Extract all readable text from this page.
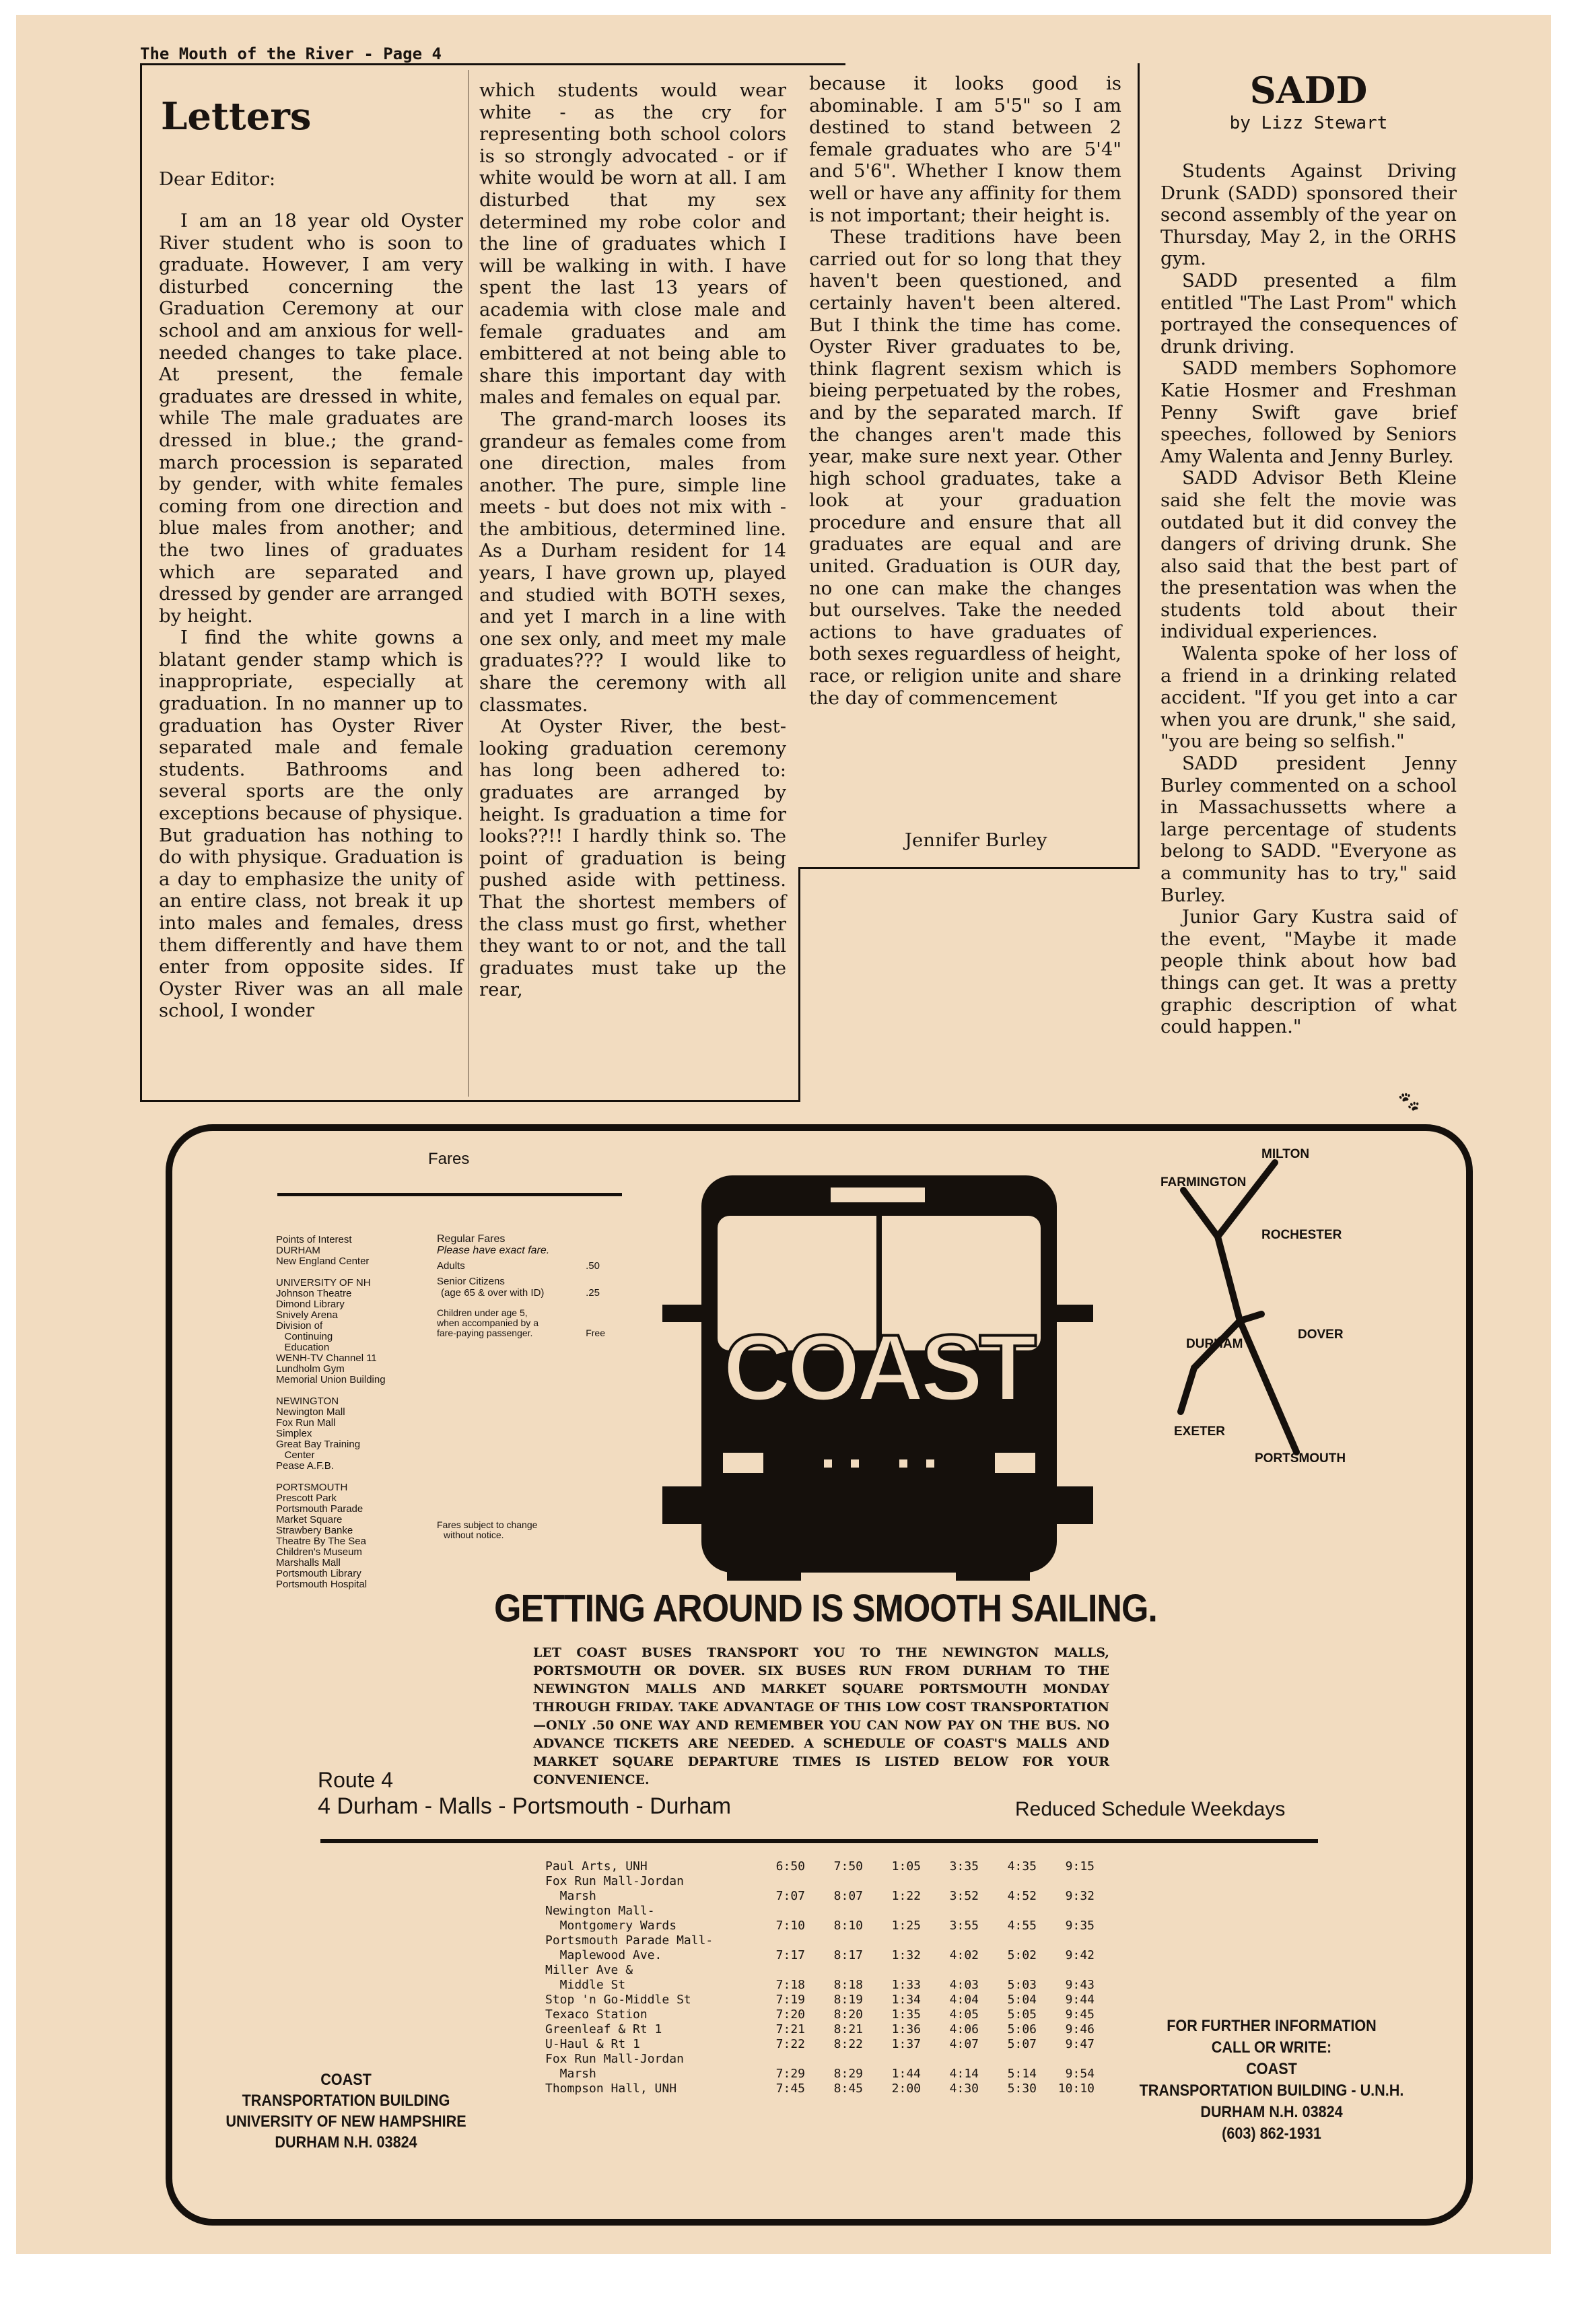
The Mouth of the River - Page 4
Letters
Dear Editor:

I am an 18 year old Oyster River student who is soon to graduate. However, I am very disturbed concerning the Graduation Ceremony at our school and am anxious for well-needed changes to take place. At present, the female graduates are dressed in white, while The male graduates are dressed in blue.; the grand-march procession is separated by gender, with white females coming from one direction and blue males from another; and the two lines of graduates which are separated and dressed by gender are arranged by height.

I find the white gowns a blatant gender stamp which is inappropriate, especially at graduation. In no manner up to graduation has Oyster River separated male and female students. Bathrooms and several sports are the only exceptions because of physique. But graduation has nothing to do with physique. Graduation is a day to emphasize the unity of an entire class, not break it up into males and females, dress them differently and have them enter from opposite sides. If Oyster River was an all male school, I wonder

which students would wear white - as the cry for representing both school colors is so strongly advocated - or if white would be worn at all. I am disturbed that my sex determined my robe color and the line of graduates which I will be walking in with. I have spent the last 13 years of academia with close male and female graduates and am embittered at not being able to share this important day with males and females on equal par.

The grand-march looses its grandeur as females come from one direction, males from another. The pure, simple line meets - but does not mix with - the ambitious, determined line. As a Durham resident for 14 years, I have grown up, played and studied with BOTH sexes, and yet I march in a line with one sex only, and meet my male graduates??? I would like to share the ceremony with all classmates.

At Oyster River, the best-looking graduation ceremony has long been adhered to: graduates are arranged by height. Is graduation a time for looks??!! I hardly think so. The point of graduation is being pushed aside with pettiness. That the shortest members of the class must go first, whether they want to or not, and the tall graduates must take up the rear,

because it looks good is abominable. I am 5'5" so I am destined to stand between 2 female graduates who are 5'4" and 5'6". Whether I know them well or have any affinity for them is not important; their height is.

These traditions have been carried out for so long that they haven't been questioned, and certainly haven't been altered. But I think the time has come. Oyster River graduates to be, think flagrent sexism which is bieing perpetuated by the robes, and by the separated march. If the changes aren't made this year, make sure next year. Other high school graduates, take a look at your graduation procedure and ensure that all graduates are equal and are united. Graduation is OUR day, no one can make the changes but ourselves. Take the needed actions to have graduates of both sexes reguardless of height, race, or religion unite and share the day of commencement

Jennifer Burley
SADD
by Lizz Stewart

Students Against Driving Drunk (SADD) sponsored their second assembly of the year on Thursday, May 2, in the ORHS gym.

SADD presented a film entitled "The Last Prom" which portrayed the consequences of drunk driving.

SADD members Sophomore Katie Hosmer and Freshman Penny Swift gave brief speeches, followed by Seniors Amy Walenta and Jenny Burley.

SADD Advisor Beth Kleine said she felt the movie was outdated but it did convey the dangers of driving drunk. She also said that the best part of the presentation was when the students told about their individual experiences.

Walenta spoke of her loss of a friend in a drinking related accident. "If you get into a car when you are drunk," she said, "you are being so selfish."

SADD president Jenny Burley commented on a school in Massachussetts where a large percentage of students belong to SADD. "Everyone as a community has to try," said Burley.

Junior Gary Kustra said of the event, "Maybe it made people think about how bad things can get. It was a pretty graphic description of what could happen."

🐾︎
Fares
Points of Interest
DURHAM
New England Center
UNIVERSITY OF NH
Johnson Theatre
Dimond Library
Snively Arena
Division of
Continuing
Education
WENH-TV Channel 11
Lundholm Gym
Memorial Union Building
NEWINGTON
Newington Mall
Fox Run Mall
Simplex
Great Bay Training
Center
Pease A.F.B.
PORTSMOUTH
Prescott Park
Portsmouth Parade
Market Square
Strawbery Banke
Theatre By The Sea
Children's Museum
Marshalls Mall
Portsmouth Library
Portsmouth Hospital
Regular Fares
Please have exact fare.
Adults	.50
Senior Citizens
(age 65 & over with ID)	.25
Children under age 5,
when accompanied by a
fare-paying passenger.	Free
Fares subject to change
without notice.
COAST
MILTON
FARMINGTON
ROCHESTER
DOVER
DURHAM
EXETER
PORTSMOUTH
GETTING AROUND IS SMOOTH SAILING.
LET COAST BUSES TRANSPORT YOU TO THE NEWINGTON MALLS, PORTSMOUTH OR DOVER. SIX BUSES RUN FROM DURHAM TO THE NEWINGTON MALLS AND MARKET SQUARE PORTSMOUTH MONDAY THROUGH FRIDAY. TAKE ADVANTAGE OF THIS LOW COST TRANSPORTATION—ONLY .50 ONE WAY AND REMEMBER YOU CAN NOW PAY ON THE BUS. NO ADVANCE TICKETS ARE NEEDED. A SCHEDULE OF COAST'S MALLS AND MARKET SQUARE DEPARTURE TIMES IS LISTED BELOW FOR YOUR CONVENIENCE.
Route 4
4 Durham - Malls - Portsmouth - Durham	Reduced Schedule Weekdays
Paul Arts, UNH	6:50	7:50	1:05	3:35	4:35	9:15
Fox Run Mall-Jordan						
Marsh	7:07	8:07	1:22	3:52	4:52	9:32
Newington Mall-						
Montgomery Wards	7:10	8:10	1:25	3:55	4:55	9:35
Portsmouth Parade Mall-						
Maplewood Ave.	7:17	8:17	1:32	4:02	5:02	9:42
Miller Ave &						
Middle St	7:18	8:18	1:33	4:03	5:03	9:43
Stop 'n Go-Middle St	7:19	8:19	1:34	4:04	5:04	9:44
Texaco Station	7:20	8:20	1:35	4:05	5:05	9:45
Greenleaf & Rt 1	7:21	8:21	1:36	4:06	5:06	9:46
U-Haul & Rt 1	7:22	8:22	1:37	4:07	5:07	9:47
Fox Run Mall-Jordan						
Marsh	7:29	8:29	1:44	4:14	5:14	9:54
Thompson Hall, UNH	7:45	8:45	2:00	4:30	5:30	10:10
COAST
TRANSPORTATION BUILDING
UNIVERSITY OF NEW HAMPSHIRE
DURHAM N.H. 03824
FOR FURTHER INFORMATION
CALL OR WRITE:
COAST
TRANSPORTATION BUILDING - U.N.H.
DURHAM N.H. 03824
(603) 862-1931
